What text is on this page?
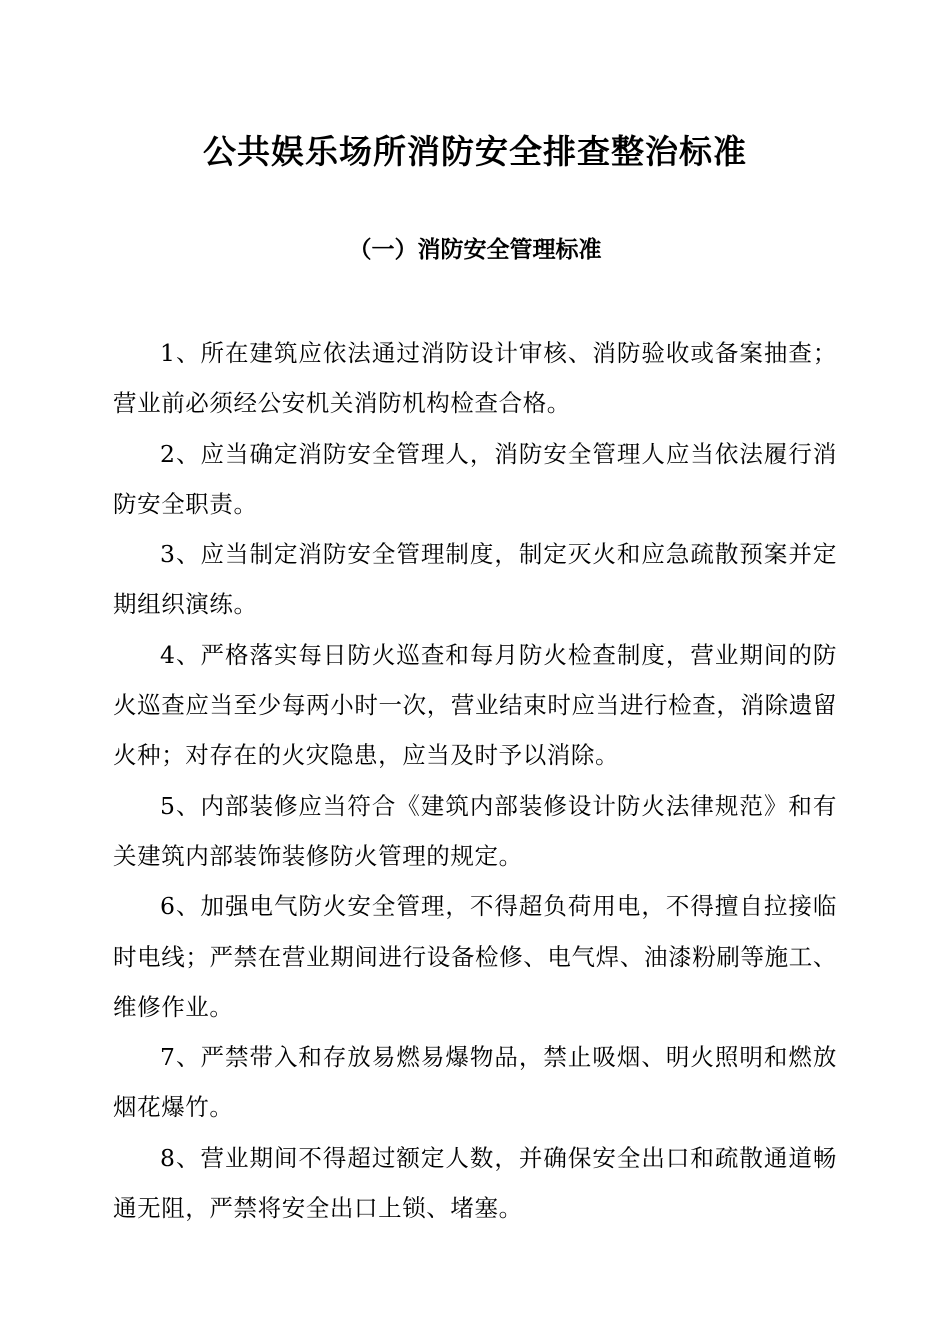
公共娱乐场所消防安全排查整治标准
（一）消防安全管理标准

1、所在建筑应依法通过消防设计审核、消防验收或备案抽查；营业前必须经公安机关消防机构检查合格。

2、应当确定消防安全管理人，消防安全管理人应当依法履行消防安全职责。

3、应当制定消防安全管理制度，制定灭火和应急疏散预案并定期组织演练。

4、严格落实每日防火巡查和每月防火检查制度，营业期间的防火巡查应当至少每两小时一次，营业结束时应当进行检查，消除遗留火种；对存在的火灾隐患，应当及时予以消除。

5、内部装修应当符合《建筑内部装修设计防火法律规范》和有关建筑内部装饰装修防火管理的规定。

6、加强电气防火安全管理，不得超负荷用电，不得擅自拉接临时电线；严禁在营业期间进行设备检修、电气焊、油漆粉刷等施工、维修作业。

7、严禁带入和存放易燃易爆物品，禁止吸烟、明火照明和燃放烟花爆竹。

8、营业期间不得超过额定人数，并确保安全出口和疏散通道畅通无阻，严禁将安全出口上锁、堵塞。
